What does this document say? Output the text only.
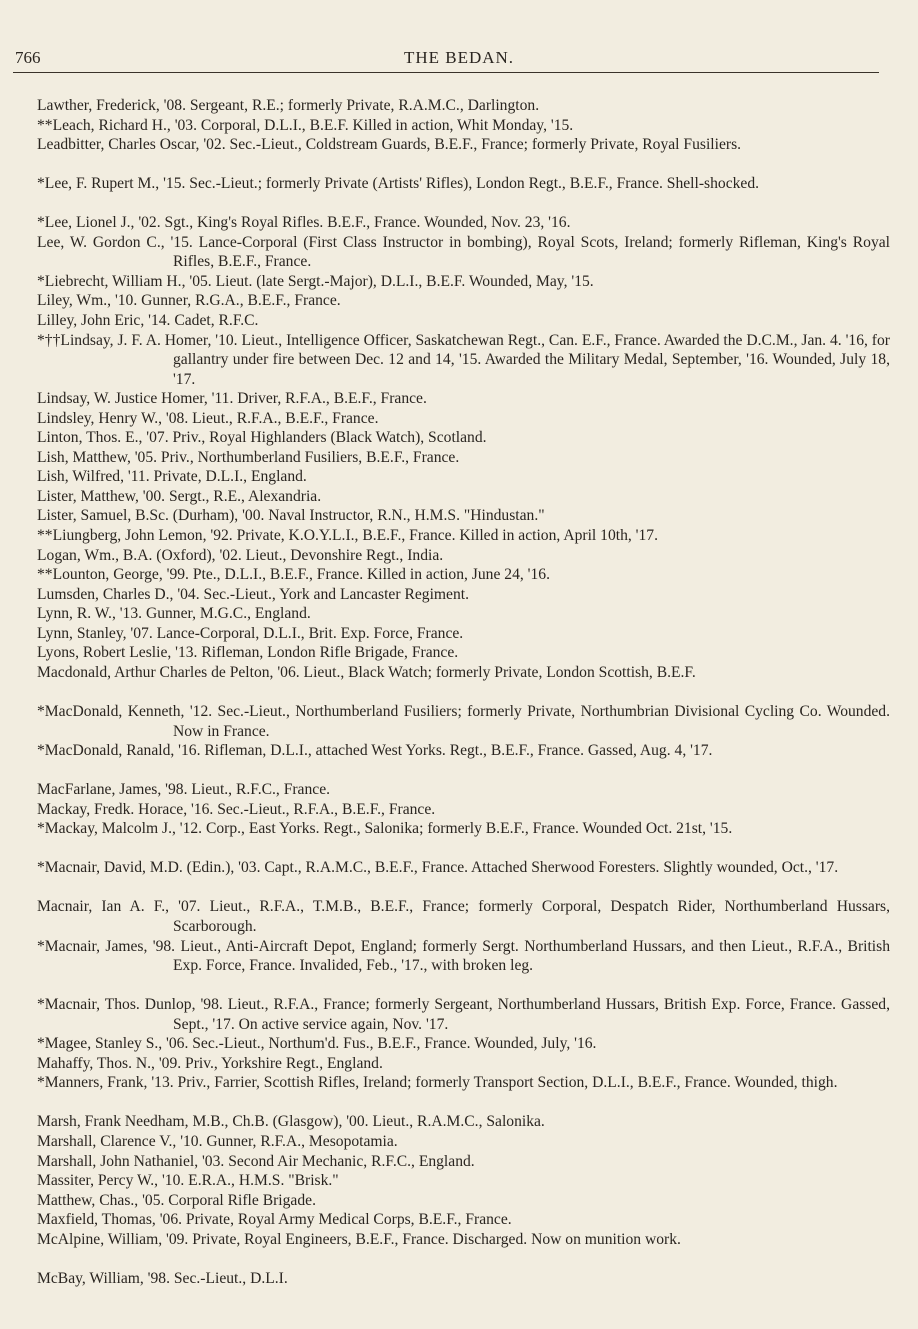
766	THE BEDAN.
Lawther, Frederick, '08. Sergeant, R.E.; formerly Private, R.A.M.C., Darlington.
**Leach, Richard H., '03. Corporal, D.L.I., B.E.F. Killed in action, Whit Monday, '15.
Leadbitter, Charles Oscar, '02. Sec.-Lieut., Coldstream Guards, B.E.F., France; formerly Private, Royal Fusiliers.
*Lee, F. Rupert M., '15. Sec.-Lieut.; formerly Private (Artists' Rifles), London Regt., B.E.F., France. Shell-shocked.
*Lee, Lionel J., '02. Sgt., King's Royal Rifles. B.E.F., France. Wounded, Nov. 23, '16.
Lee, W. Gordon C., '15. Lance-Corporal (First Class Instructor in bombing), Royal Scots, Ireland; formerly Rifleman, King's Royal Rifles, B.E.F., France.
*Liebrecht, William H., '05. Lieut. (late Sergt.-Major), D.L.I., B.E.F. Wounded, May, '15.
Liley, Wm., '10. Gunner, R.G.A., B.E.F., France.
Lilley, John Eric, '14. Cadet, R.F.C.
*††Lindsay, J. F. A. Homer, '10. Lieut., Intelligence Officer, Saskatchewan Regt., Can. E.F., France. Awarded the D.C.M., Jan. 4. '16, for gallantry under fire between Dec. 12 and 14, '15. Awarded the Military Medal, September, '16. Wounded, July 18, '17.
Lindsay, W. Justice Homer, '11. Driver, R.F.A., B.E.F., France.
Lindsley, Henry W., '08. Lieut., R.F.A., B.E.F., France.
Linton, Thos. E., '07. Priv., Royal Highlanders (Black Watch), Scotland.
Lish, Matthew, '05. Priv., Northumberland Fusiliers, B.E.F., France.
Lish, Wilfred, '11. Private, D.L.I., England.
Lister, Matthew, '00. Sergt., R.E., Alexandria.
Lister, Samuel, B.Sc. (Durham), '00. Naval Instructor, R.N., H.M.S. "Hindustan."
**Liungberg, John Lemon, '92. Private, K.O.Y.L.I., B.E.F., France. Killed in action, April 10th, '17.
Logan, Wm., B.A. (Oxford), '02. Lieut., Devonshire Regt., India.
**Lounton, George, '99. Pte., D.L.I., B.E.F., France. Killed in action, June 24, '16.
Lumsden, Charles D., '04. Sec.-Lieut., York and Lancaster Regiment.
Lynn, R. W., '13. Gunner, M.G.C., England.
Lynn, Stanley, '07. Lance-Corporal, D.L.I., Brit. Exp. Force, France.
Lyons, Robert Leslie, '13. Rifleman, London Rifle Brigade, France.
Macdonald, Arthur Charles de Pelton, '06. Lieut., Black Watch; formerly Private, London Scottish, B.E.F.
*MacDonald, Kenneth, '12. Sec.-Lieut., Northumberland Fusiliers; formerly Private, Northumbrian Divisional Cycling Co. Wounded. Now in France.
*MacDonald, Ranald, '16. Rifleman, D.L.I., attached West Yorks. Regt., B.E.F., France. Gassed, Aug. 4, '17.
MacFarlane, James, '98. Lieut., R.F.C., France.
Mackay, Fredk. Horace, '16. Sec.-Lieut., R.F.A., B.E.F., France.
*Mackay, Malcolm J., '12. Corp., East Yorks. Regt., Salonika; formerly B.E.F., France. Wounded Oct. 21st, '15.
*Macnair, David, M.D. (Edin.), '03. Capt., R.A.M.C., B.E.F., France. Attached Sherwood Foresters. Slightly wounded, Oct., '17.
Macnair, Ian A. F., '07. Lieut., R.F.A., T.M.B., B.E.F., France; formerly Corporal, Despatch Rider, Northumberland Hussars, Scarborough.
*Macnair, James, '98. Lieut., Anti-Aircraft Depot, England; formerly Sergt. Northumberland Hussars, and then Lieut., R.F.A., British Exp. Force, France. Invalided, Feb., '17., with broken leg.
*Macnair, Thos. Dunlop, '98. Lieut., R.F.A., France; formerly Sergeant, Northumberland Hussars, British Exp. Force, France. Gassed, Sept., '17. On active service again, Nov. '17.
*Magee, Stanley S., '06. Sec.-Lieut., Northum'd. Fus., B.E.F., France. Wounded, July, '16.
Mahaffy, Thos. N., '09. Priv., Yorkshire Regt., England.
*Manners, Frank, '13. Priv., Farrier, Scottish Rifles, Ireland; formerly Transport Section, D.L.I., B.E.F., France. Wounded, thigh.
Marsh, Frank Needham, M.B., Ch.B. (Glasgow), '00. Lieut., R.A.M.C., Salonika.
Marshall, Clarence V., '10. Gunner, R.F.A., Mesopotamia.
Marshall, John Nathaniel, '03. Second Air Mechanic, R.F.C., England.
Massiter, Percy W., '10. E.R.A., H.M.S. "Brisk."
Matthew, Chas., '05. Corporal Rifle Brigade.
Maxfield, Thomas, '06. Private, Royal Army Medical Corps, B.E.F., France.
McAlpine, William, '09. Private, Royal Engineers, B.E.F., France. Discharged. Now on munition work.
McBay, William, '98. Sec.-Lieut., D.L.I.
